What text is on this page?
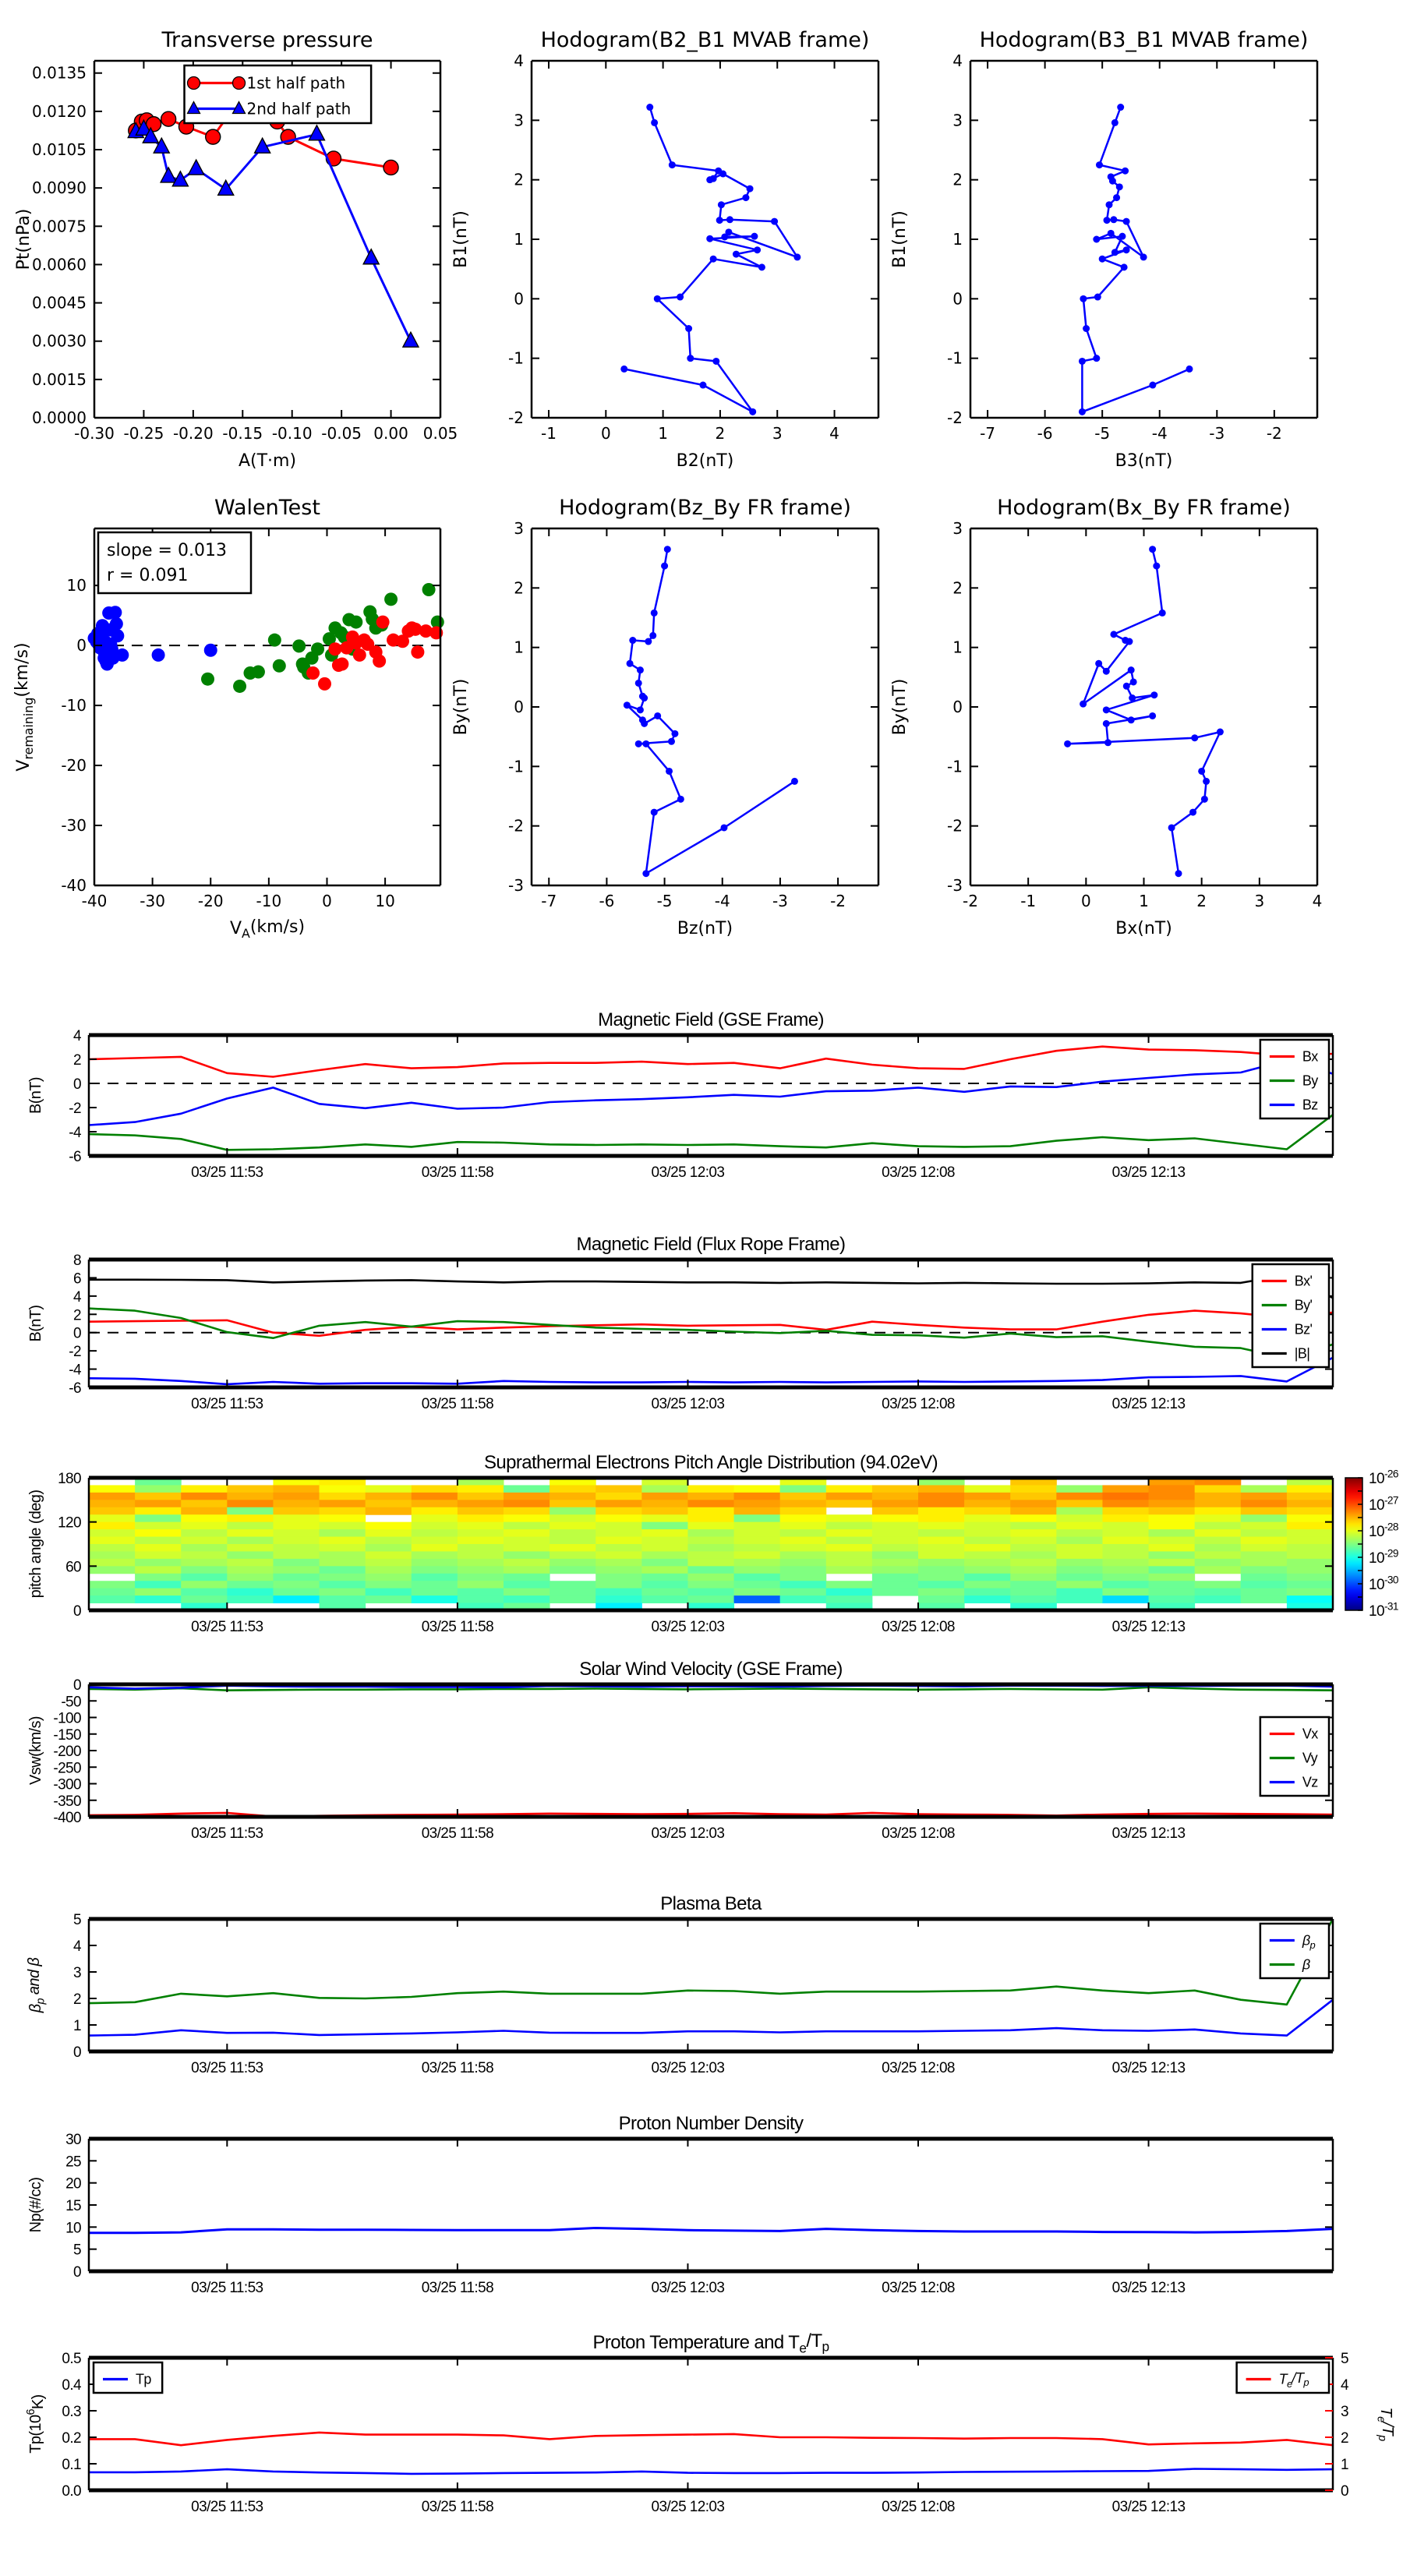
-0.30 -0.25 -0.20 -0.15 -0.10 -0.05 0.00 0.05
0.0000
0.0015
0.0030
0.0045
0.0060
0.0075
0.0090
0.0105
0.0120
0.0135
Transverse pressure
A(T·m)
Pt(nPa)
1st half path
2nd half path
-1	0	1	2	3	4
-2
-1
0
1
2
3
4
Hodogram(B2_B1 MVAB frame)
B2(nT)
B1(nT)
-7	-6	-5	-4	-3	-2
-2
-1
0
1
2
3
4
Hodogram(B3_B1 MVAB frame)
B3(nT)
B1(nT)
-40 -30 -20 -10	0	10
-40
-30
-20
-10
0
10
WalenTest
$V_A(km/s)$
$V_{remaining}(km/s)$
slope = 0.013
r = 0.091
-7	-6	-5	-4	-3	-2
-3
-2
-1
0
1
2
3
Hodogram(Bz_By FR frame)
Bz(nT)
By(nT)
-2	-1	0	1	2	3	4
-3
-2
-1
0
1
2
3
Hodogram(Bx_By FR frame)
Bx(nT)
By(nT)
03/25 11:53	03/25 11:58	03/25 12:03	03/25 12:08	03/25 12:13
-6
-4
-2
0
2
4
Magnetic Field (GSE Frame)
B(nT)
Bx
By
Bz
03/25 11:53	03/25 11:58	03/25 12:03	03/25 12:08	03/25 12:13
-6
-4
-2
0
2
4
6
8
Magnetic Field (Flux Rope Frame)
B(nT)
Bx'
By'
Bz'
|B|
03/25 11:53	03/25 11:58	03/25 12:03	03/25 12:08	03/25 12:13
0
60
120
180
Suprathermal Electrons Pitch Angle Distribution (94.02eV)
pitch angle (deg)
$10^{-26}$
$10^{-27}$
$10^{-28}$
$10^{-29}$
$10^{-30}$
$10^{-31}$
03/25 11:53	03/25 11:58	03/25 12:03	03/25 12:08	03/25 12:13
0
-50
-100
-150
-200
-250
-300
-350
-400
Solar Wind Velocity (GSE Frame)
Vsw(km/s)	Vx
Vy
Vz
03/25 11:53	03/25 11:58	03/25 12:03	03/25 12:08	03/25 12:13
0
1
2
3
4
5
Plasma Beta
$\beta_p$ and β
$\beta_p$
β
03/25 11:53	03/25 11:58	03/25 12:03	03/25 12:08	03/25 12:13
0
5
10
15
20
25
30
Proton Number Density
Np(#/cc)
03/25 11:53	03/25 11:58	03/25 12:03	03/25 12:08	03/25 12:13
0.0
0.1
0.2
0.3
0.4
0.5
0
1
2
3
4
5
$T_e/T_p$
Proton Temperature and $T_e/T_p$
$Tp(10^6K)$
Tp	$T_e/T_p$
